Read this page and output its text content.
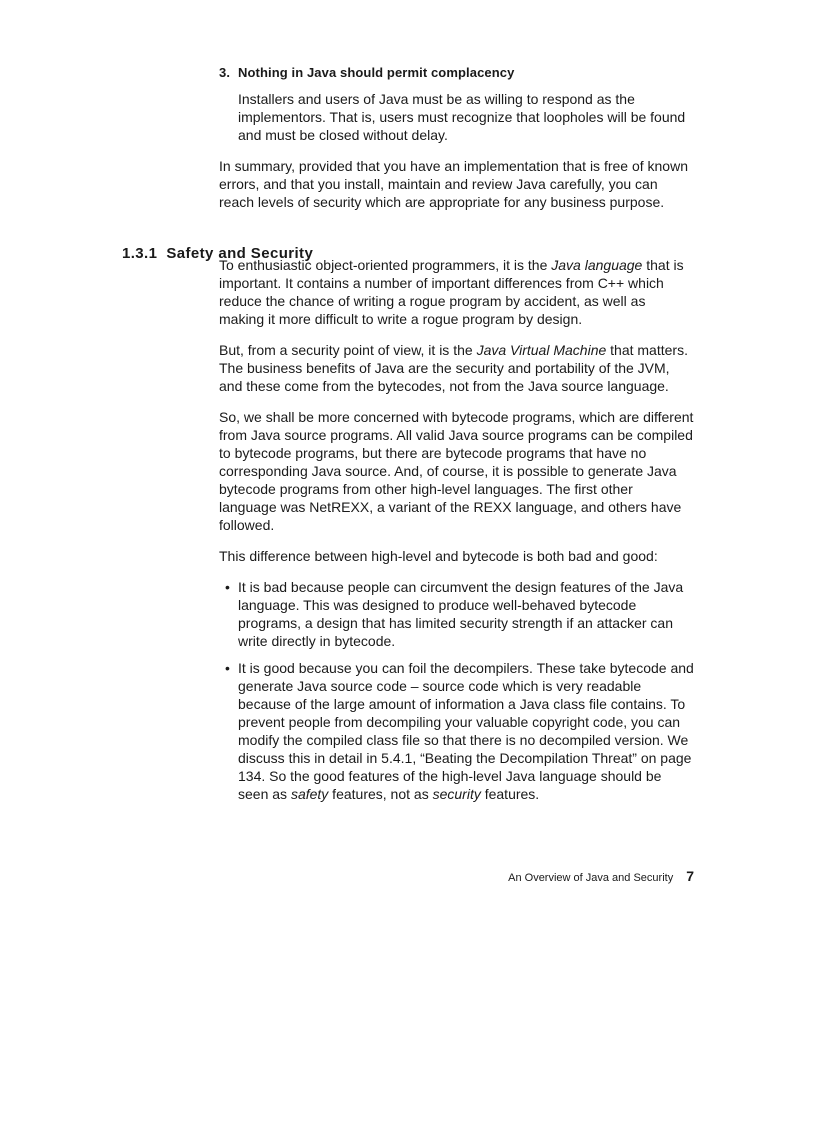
3. Nothing in Java should permit complacency

Installers and users of Java must be as willing to respond as the implementors. That is, users must recognize that loopholes will be found and must be closed without delay.

In summary, provided that you have an implementation that is free of known errors, and that you install, maintain and review Java carefully, you can reach levels of security which are appropriate for any business purpose.

1.3.1 Safety and Security

To enthusiastic object-oriented programmers, it is the Java language that is important. It contains a number of important differences from C++ which reduce the chance of writing a rogue program by accident, as well as making it more difficult to write a rogue program by design.

But, from a security point of view, it is the Java Virtual Machine that matters. The business benefits of Java are the security and portability of the JVM, and these come from the bytecodes, not from the Java source language.

So, we shall be more concerned with bytecode programs, which are different from Java source programs. All valid Java source programs can be compiled to bytecode programs, but there are bytecode programs that have no corresponding Java source. And, of course, it is possible to generate Java bytecode programs from other high-level languages. The first other language was NetREXX, a variant of the REXX language, and others have followed.

This difference between high-level and bytecode is both bad and good:

• It is bad because people can circumvent the design features of the Java language. This was designed to produce well-behaved bytecode programs, a design that has limited security strength if an attacker can write directly in bytecode.
• It is good because you can foil the decompilers. These take bytecode and generate Java source code – source code which is very readable because of the large amount of information a Java class file contains. To prevent people from decompiling your valuable copyright code, you can modify the compiled class file so that there is no decompiled version. We discuss this in detail in 5.4.1, “Beating the Decompilation Threat” on page 134. So the good features of the high-level Java language should be seen as safety features, not as security features.
An Overview of Java and Security 7
